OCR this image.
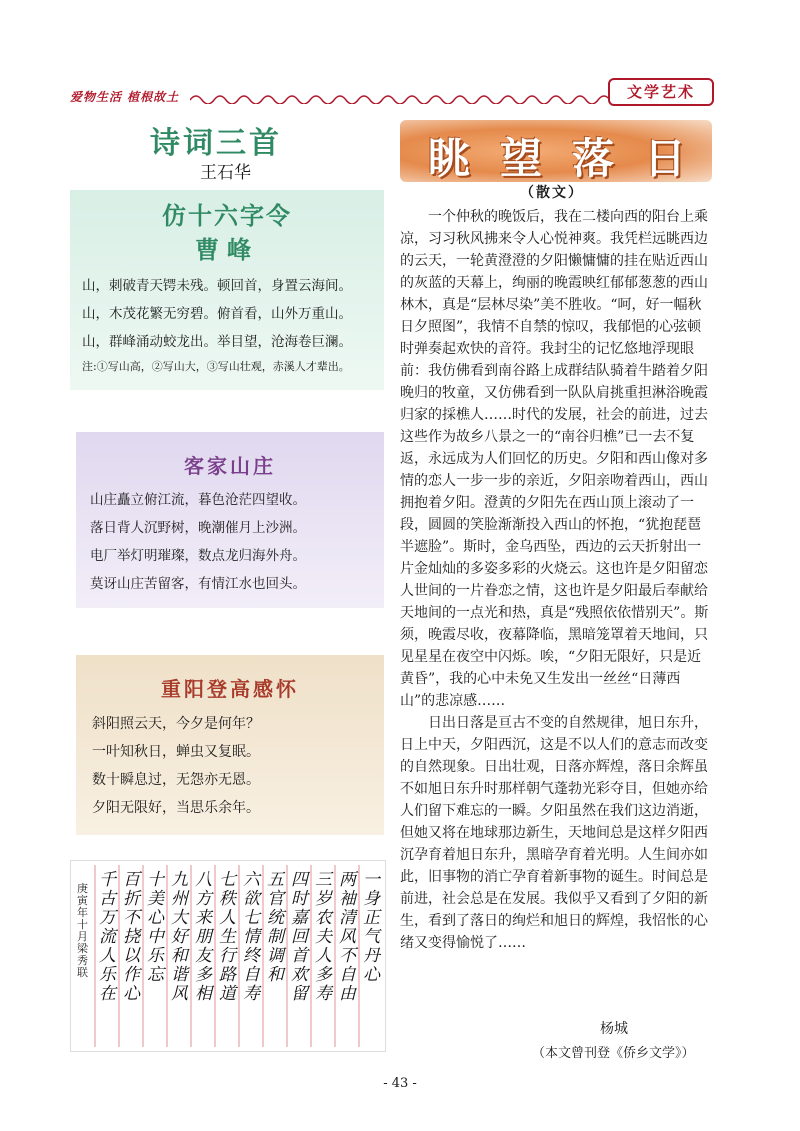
爱物生活 植根故土	文学艺术
诗词三首
王石华
仿十六字令
曹峰
山，刺破青天锷未残。顿回首，身置云海间。
山，木茂花繁无穷碧。俯首看，山外万重山。
山，群峰涌动蛟龙出。举目望，沧海卷巨澜。
注:①写山高，②写山大，③写山壮观，赤溪人才辈出。
客家山庄
山庄矗立俯江流，暮色沧茫四望收。
落日背人沉野树，晚潮催月上沙洲。
电厂举灯明璀璨，数点龙归海外舟。
莫讶山庄苦留客，有情江水也回头。
重阳登高感怀
斜阳照云天，今夕是何年？
一叶知秋日，蝉虫又复眠。
数十瞬息过，无怨亦无恩。
夕阳无限好，当思乐余年。
庚寅年十月 梁秀联
千古万流人乐在
百折不挠以作心
十美心中乐忘
九州大好和谐风
八方来朋友多相
七秩人生行路道
六欲七情终自寿
五官统制调和
四时嘉回首欢留
三岁农夫人多寿
两袖清风不自由
一身正气丹心
眺 望 落 日
（散文）

一个仲秋的晚饭后，我在二楼向西的阳台上乘凉，习习秋风拂来令人心悦神爽。我凭栏远眺西边的云天，一轮黄澄澄的夕阳懒慵慵的挂在贴近西山的灰蓝的天幕上，绚丽的晚霞映红郁郁葱葱的西山林木，真是“层林尽染”美不胜收。“呵，好一幅秋日夕照图”，我情不自禁的惊叹，我郁悒的心弦顿时弹奏起欢快的音符。我封尘的记忆悠地浮现眼前：我仿佛看到南谷路上成群结队骑着牛踏着夕阳晚归的牧童，又仿佛看到一队队肩挑重担淋浴晚霞归家的採樵人……时代的发展，社会的前进，过去这些作为故乡八景之一的“南谷归樵”已一去不复返，永远成为人们回忆的历史。夕阳和西山像对多情的恋人一步一步的亲近，夕阳亲吻着西山，西山拥抱着夕阳。澄黄的夕阳先在西山顶上滚动了一段，圆圆的笑脸渐渐投入西山的怀抱，“犹抱琵琶半遮脸”。斯时，金乌西坠，西边的云天折射出一片金灿灿的多姿多彩的火烧云。这也许是夕阳留恋人世间的一片眷恋之情，这也许是夕阳最后奉献给天地间的一点光和热，真是“残照依依惜别天”。斯须，晚霞尽收，夜幕降临，黑暗笼罩着天地间，只见星星在夜空中闪烁。唉，“夕阳无限好，只是近黄昏”，我的心中未免又生发出一丝丝“日薄西山”的悲凉感……

日出日落是亘古不变的自然规律，旭日东升，日上中天，夕阳西沉，这是不以人们的意志而改变的自然现象。日出壮观，日落亦辉煌，落日余辉虽不如旭日东升时那样朝气蓬勃光彩夺目，但她亦给人们留下难忘的一瞬。夕阳虽然在我们这边消逝，但她又将在地球那边新生，天地间总是这样夕阳西沉孕育着旭日东升，黑暗孕育着光明。人生间亦如此，旧事物的消亡孕育着新事物的诞生。时间总是前进，社会总是在发展。我似乎又看到了夕阳的新生，看到了落日的绚烂和旭日的辉煌，我怊怅的心绪又变得愉悦了……

杨城
（本文曾刊登《侨乡文学》）
- 43 -
